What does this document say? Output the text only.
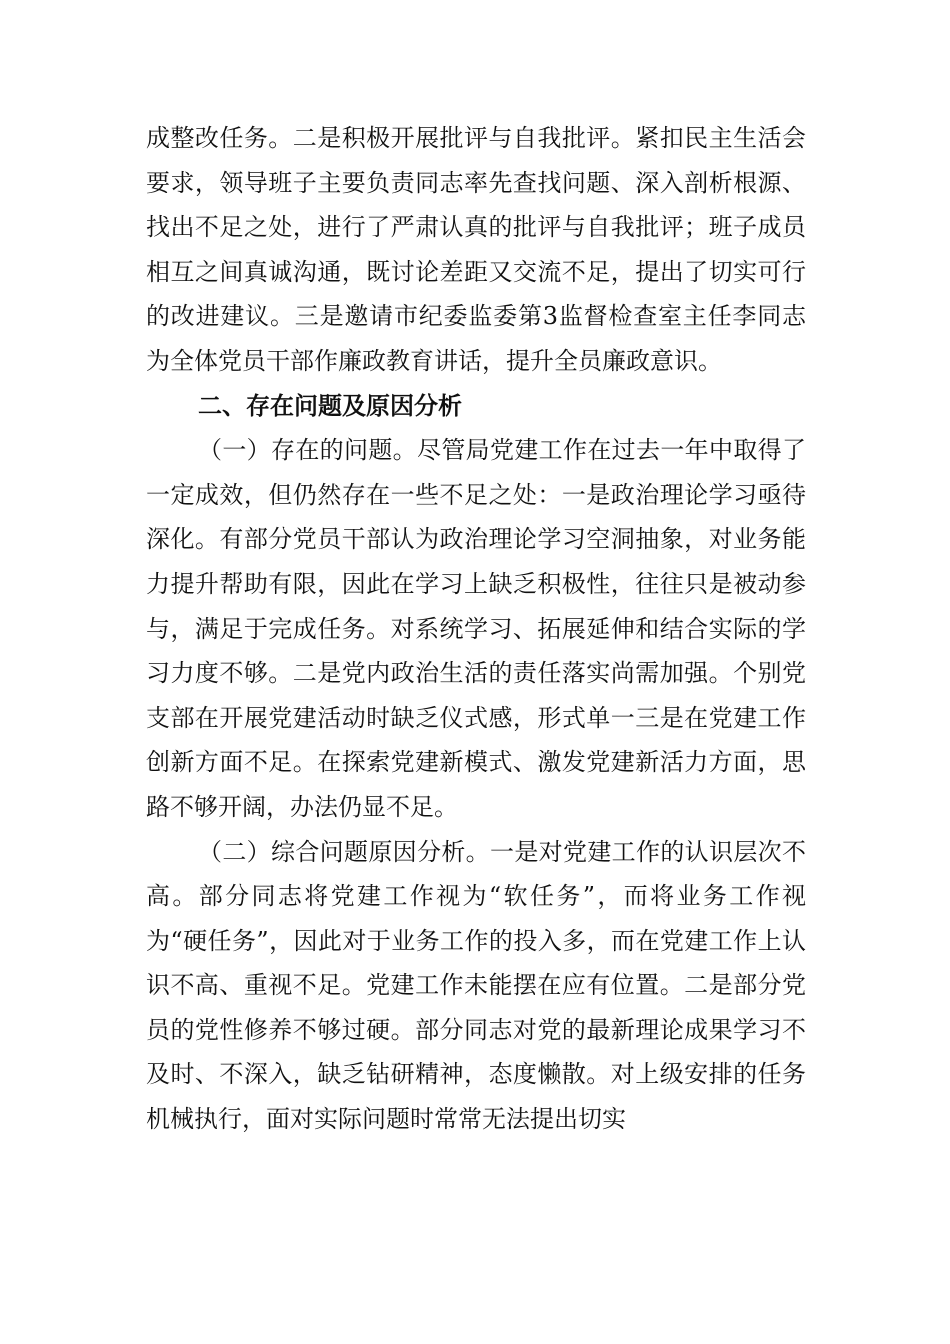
成整改任务。二是积极开展批评与自我批评。紧扣民主生活会要求，领导班子主要负责同志率先查找问题、深入剖析根源、找出不足之处，进行了严肃认真的批评与自我批评；班子成员相互之间真诚沟通，既讨论差距又交流不足，提出了切实可行的改进建议。三是邀请市纪委监委第3监督检查室主任李同志为全体党员干部作廉政教育讲话，提升全员廉政意识。

二、存在问题及原因分析

（一）存在的问题。尽管局党建工作在过去一年中取得了一定成效，但仍然存在一些不足之处：一是政治理论学习亟待深化。有部分党员干部认为政治理论学习空洞抽象，对业务能力提升帮助有限，因此在学习上缺乏积极性，往往只是被动参与，满足于完成任务。对系统学习、拓展延伸和结合实际的学习力度不够。二是党内政治生活的责任落实尚需加强。个别党支部在开展党建活动时缺乏仪式感，形式单一三是在党建工作创新方面不足。在探索党建新模式、激发党建新活力方面，思路不够开阔，办法仍显不足。

（二）综合问题原因分析。一是对党建工作的认识层次不高。部分同志将党建工作视为“软任务”，而将业务工作视为“硬任务”，因此对于业务工作的投入多，而在党建工作上认识不高、重视不足。党建工作未能摆在应有位置。二是部分党员的党性修养不够过硬。部分同志对党的最新理论成果学习不及时、不深入，缺乏钻研精神，态度懒散。对上级安排的任务机械执行，面对实际问题时常常无法提出切实
